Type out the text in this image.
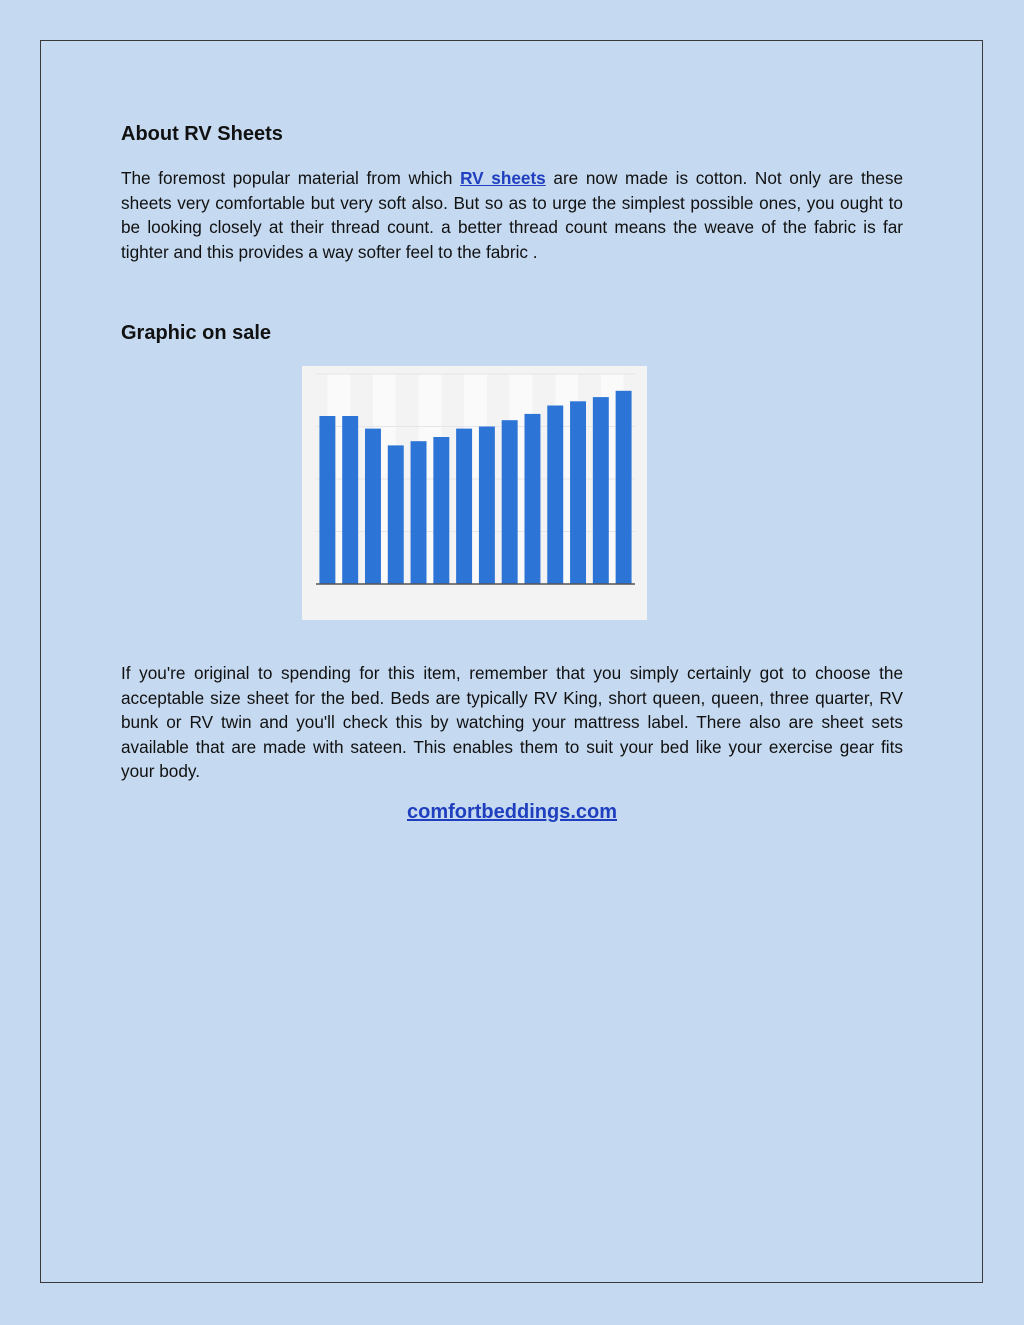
About RV Sheets

The foremost popular material from which RV sheets are now made is cotton. Not only are these sheets very comfortable but very soft also. But so as to urge the simplest possible ones, you ought to be looking closely at their thread count. a better thread count means the weave of the fabric is far tighter and this provides a way softer feel to the fabric .

Graphic on sale

If you're original to spending for this item, remember that you simply certainly got to choose the acceptable size sheet for the bed. Beds are typically RV King, short queen, queen, three quarter, RV bunk or RV twin and you'll check this by watching your mattress label. There also are sheet sets available that are made with sateen. This enables them to suit your bed like your exercise gear fits your body.

comfortbeddings.com
